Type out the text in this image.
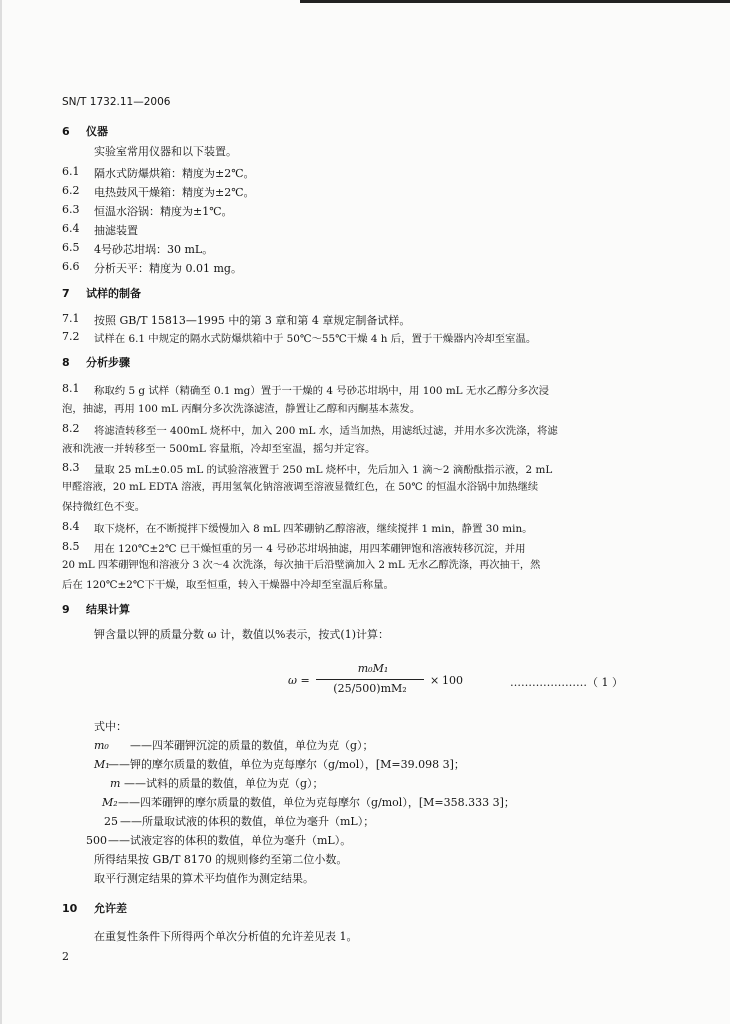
SN/T 1732.11—2006
6 仪器
实验室常用仪器和以下装置。
6.1 隔水式防爆烘箱：精度为±2℃。
6.2 电热鼓风干燥箱：精度为±2℃。
6.3 恒温水浴锅：精度为±1℃。
6.4 抽滤装置
6.5 4号砂芯坩埚：30 mL。
6.6 分析天平：精度为 0.01 mg。
7 试样的制备
7.1 按照 GB/T 15813—1995 中的第 3 章和第 4 章规定制备试样。
7.2 试样在 6.1 中规定的隔水式防爆烘箱中于 50℃～55℃干燥 4 h 后，置于干燥器内冷却至室温。
8 分析步骤
8.1 称取约 5 g 试样（精确至 0.1 mg）置于一干燥的 4 号砂芯坩埚中，用 100 mL 无水乙醇分多次浸
泡，抽滤，再用 100 mL 丙酮分多次洗涤滤渣，静置让乙醇和丙酮基本蒸发。
8.2 将滤渣转移至一 400mL 烧杯中，加入 200 mL 水，适当加热，用滤纸过滤，并用水多次洗涤，将滤
液和洗液一并转移至一 500mL 容量瓶，冷却至室温，摇匀并定容。
8.3 量取 25 mL±0.05 mL 的试验溶液置于 250 mL 烧杯中，先后加入 1 滴～2 滴酚酞指示液，2 mL
甲醛溶液，20 mL EDTA 溶液，再用氢氧化钠溶液调至溶液显微红色，在 50℃ 的恒温水浴锅中加热继续
保持微红色不变。
8.4 取下烧杯，在不断搅拌下缓慢加入 8 mL 四苯硼钠乙醇溶液，继续搅拌 1 min，静置 30 min。
8.5 用在 120℃±2℃ 已干燥恒重的另一 4 号砂芯坩埚抽滤，用四苯硼钾饱和溶液转移沉淀，并用
20 mL 四苯硼钾饱和溶液分 3 次～4 次洗涤，每次抽干后沿壁滴加入 2 mL 无水乙醇洗涤，再次抽干，然
后在 120℃±2℃下干燥，取至恒重，转入干燥器中冷却至室温后称量。
9 结果计算
钾含量以钾的质量分数 ω 计，数值以%表示，按式(1)计算：
ω =
m₀M₁
(25/500)mM₂
× 100	…………………（ 1 ）
式中：
m₀ ——四苯硼钾沉淀的质量的数值，单位为克（g）；
M₁
——钾的摩尔质量的数值，单位为克每摩尔（g/mol），[M=39.098 3]；
m ——试料的质量的数值，单位为克（g）；
M₂ ——四苯硼钾的摩尔质量的数值，单位为克每摩尔（g/mol），[M=358.333 3]；
25 ——所量取试液的体积的数值，单位为毫升（mL）；
500 ——试液定容的体积的数值，单位为毫升（mL）。
所得结果按 GB/T 8170 的规则修约至第二位小数。
取平行测定结果的算术平均值作为测定结果。
10 允许差
在重复性条件下所得两个单次分析值的允许差见表 1。
2
